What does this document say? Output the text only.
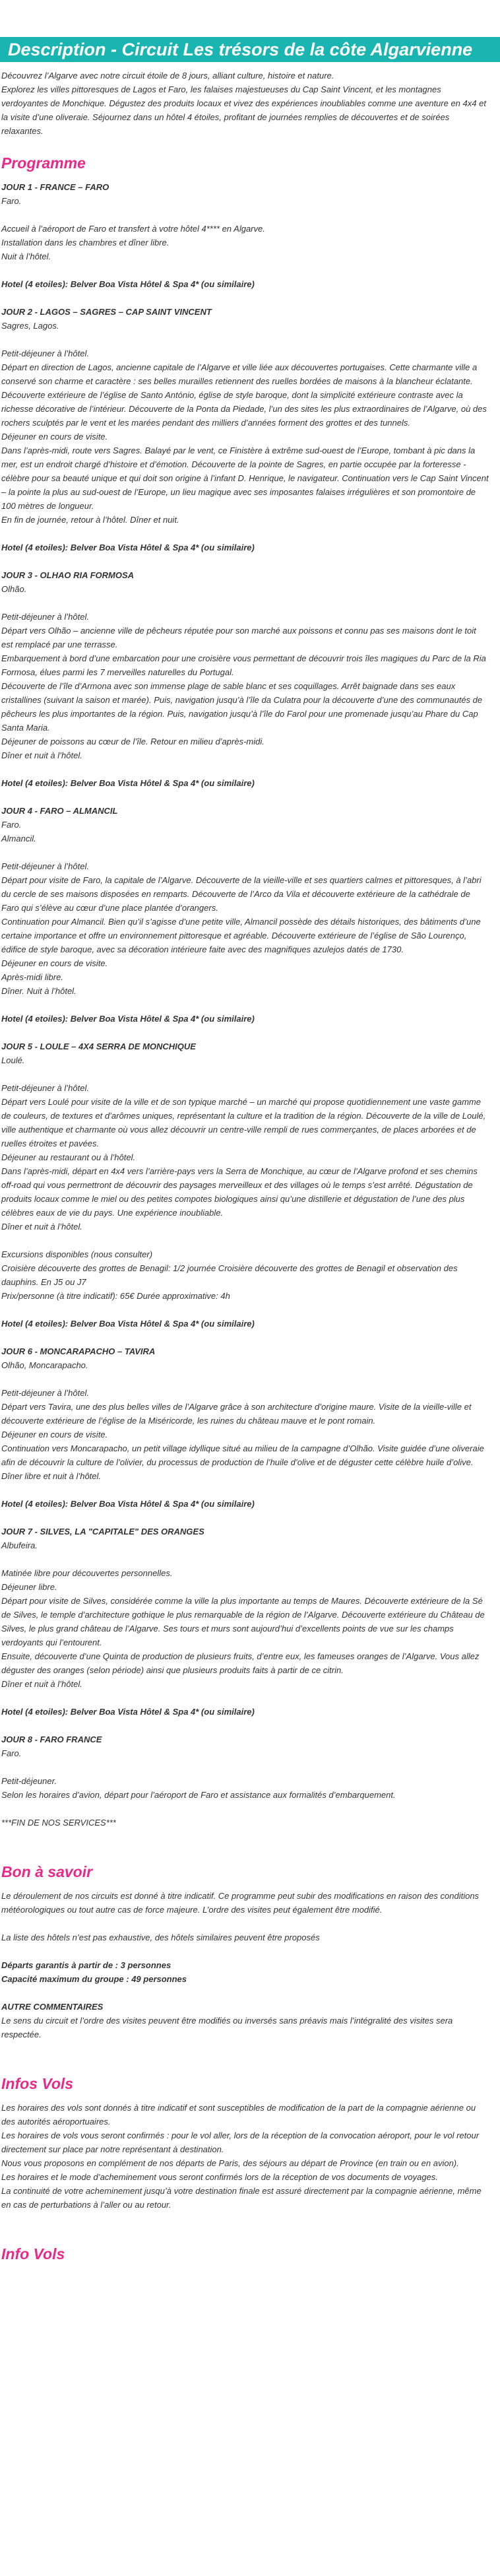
Description - Circuit Les trésors de la côte Algarvienne

Découvrez l’Algarve avec notre circuit étoile de 8 jours, alliant culture, histoire et nature.

Explorez les villes pittoresques de Lagos et Faro, les falaises majestueuses du Cap Saint Vincent, et les montagnes verdoyantes de Monchique. Dégustez des produits locaux et vivez des expériences inoubliables comme une aventure en 4x4 et la visite d’une oliveraie. Séjournez dans un hôtel 4 étoiles, profitant de journées remplies de découvertes et de soirées relaxantes.

Programme

JOUR 1 - FRANCE – FARO

Faro.

Accueil à l’aéroport de Faro et transfert à votre hôtel 4**** en Algarve.

Installation dans les chambres et dîner libre.

Nuit à l’hôtel.

Hotel (4 etoiles): Belver Boa Vista Hôtel & Spa 4* (ou similaire)

JOUR 2 - LAGOS – SAGRES – CAP SAINT VINCENT

Sagres, Lagos.

Petit-déjeuner à l’hôtel.

Départ en direction de Lagos, ancienne capitale de l’Algarve et ville liée aux découvertes portugaises. Cette charmante ville a conservé son charme et caractère : ses belles murailles retiennent des ruelles bordées de maisons à la blancheur éclatante. Découverte extérieure de l’église de Santo António, église de style baroque, dont la simplicité extérieure contraste avec la richesse décorative de l’intérieur. Découverte de la Ponta da Piedade, l’un des sites les plus extraordinaires de l’Algarve, où des rochers sculptés par le vent et les marées pendant des milliers d’années forment des grottes et des tunnels.

Déjeuner en cours de visite.

Dans l’après-midi, route vers Sagres. Balayé par le vent, ce Finistère à extrême sud-ouest de l’Europe, tombant à pic dans la mer, est un endroit chargé d’histoire et d’émotion. Découverte de la pointe de Sagres, en partie occupée par la forteresse - célèbre pour sa beauté unique et qui doit son origine à l’infant D. Henrique, le navigateur. Continuation vers le Cap Saint Vincent – la pointe la plus au sud-ouest de l’Europe, un lieu magique avec ses imposantes falaises irrégulières et son promontoire de 100 mètres de longueur.

En fin de journée, retour à l’hôtel. Dîner et nuit.

Hotel (4 etoiles): Belver Boa Vista Hôtel & Spa 4* (ou similaire)

JOUR 3 - OLHAO RIA FORMOSA

Olhão.

Petit-déjeuner à l’hôtel.

Départ vers Olhão – ancienne ville de pêcheurs réputée pour son marché aux poissons et connu pas ses maisons dont le toit est remplacé par une terrasse.

Embarquement à bord d’une embarcation pour une croisière vous permettant de découvrir trois îles magiques du Parc de la Ria Formosa, élues parmi les 7 merveilles naturelles du Portugal.

Découverte de l’île d’Armona avec son immense plage de sable blanc et ses coquillages. Arrêt baignade dans ses eaux cristallines (suivant la saison et marée). Puis, navigation jusqu’à l’île da Culatra pour la découverte d’une des communautés de pêcheurs les plus importantes de la région. Puis, navigation jusqu’à l’île do Farol pour une promenade jusqu’au Phare du Cap Santa Maria.

Déjeuner de poissons au cœur de l’île. Retour en milieu d’après-midi.

Dîner et nuit à l’hôtel.

Hotel (4 etoiles): Belver Boa Vista Hôtel & Spa 4* (ou similaire)

JOUR 4 - FARO – ALMANCIL

Faro.
Almancil.

Petit-déjeuner à l’hôtel.

Départ pour visite de Faro, la capitale de l’Algarve. Découverte de la vieille-ville et ses quartiers calmes et pittoresques, à l’abri du cercle de ses maisons disposées en remparts. Découverte de l’Arco da Vila et découverte extérieure de la cathédrale de Faro qui s’élève au cœur d’une place plantée d’orangers.

Continuation pour Almancil. Bien qu’il s’agisse d’une petite ville, Almancil possède des détails historiques, des bâtiments d’une certaine importance et offre un environnement pittoresque et agréable. Découverte extérieure de l’église de São Lourenço, édifice de style baroque, avec sa décoration intérieure faite avec des magnifiques azulejos datés de 1730.

Déjeuner en cours de visite.

Après-midi libre.

Dîner. Nuit à l’hôtel.

Hotel (4 etoiles): Belver Boa Vista Hôtel & Spa 4* (ou similaire)

JOUR 5 - LOULE – 4X4 SERRA DE MONCHIQUE

Loulé.

Petit-déjeuner à l’hôtel.

Départ vers Loulé pour visite de la ville et de son typique marché – un marché qui propose quotidiennement une vaste gamme de couleurs, de textures et d’arômes uniques, représentant la culture et la tradition de la région. Découverte de la ville de Loulé, ville authentique et charmante où vous allez découvrir un centre-ville rempli de rues commerçantes, de places arborées et de ruelles étroites et pavées.

Déjeuner au restaurant ou à l’hôtel.

Dans l’après-midi, départ en 4x4 vers l’arrière-pays vers la Serra de Monchique, au cœur de l’Algarve profond et ses chemins off-road qui vous permettront de découvrir des paysages merveilleux et des villages où le temps s’est arrêté. Dégustation de produits locaux comme le miel ou des petites compotes biologiques ainsi qu’une distillerie et dégustation de l’une des plus célèbres eaux de vie du pays. Une expérience inoubliable.

Dîner et nuit à l’hôtel.

Excursions disponibles (nous consulter)

Croisière découverte des grottes de Benagil: 1/2 journée Croisière découverte des grottes de Benagil et observation des dauphins. En J5 ou J7

Prix/personne (à titre indicatif): 65€ Durée approximative: 4h

Hotel (4 etoiles): Belver Boa Vista Hôtel & Spa 4* (ou similaire)

JOUR 6 - MONCARAPACHO – TAVIRA

Olhão, Moncarapacho.

Petit-déjeuner à l’hôtel.

Départ vers Tavira, une des plus belles villes de l’Algarve grâce à son architecture d’origine maure. Visite de la vieille-ville et découverte extérieure de l’église de la Miséricorde, les ruines du château mauve et le pont romain.

Déjeuner en cours de visite.

Continuation vers Moncarapacho, un petit village idyllique situé au milieu de la campagne d’Olhão. Visite guidée d’une oliveraie afin de découvrir la culture de l’olivier, du processus de production de l’huile d’olive et de déguster cette célèbre huile d’olive.

Dîner libre et nuit à l’hôtel.

Hotel (4 etoiles): Belver Boa Vista Hôtel & Spa 4* (ou similaire)

JOUR 7 - SILVES, LA "CAPITALE" DES ORANGES

Albufeira.

Matinée libre pour découvertes personnelles.

Déjeuner libre.

Départ pour visite de Silves, considérée comme la ville la plus importante au temps de Maures. Découverte extérieure de la Sé de Silves, le temple d’architecture gothique le plus remarquable de la région de l’Algarve. Découverte extérieure du Château de Silves, le plus grand château de l’Algarve. Ses tours et murs sont aujourd’hui d’excellents points de vue sur les champs verdoyants qui l’entourent.

Ensuite, découverte d’une Quinta de production de plusieurs fruits, d’entre eux, les fameuses oranges de l’Algarve. Vous allez déguster des oranges (selon période) ainsi que plusieurs produits faits à partir de ce citrin.

Dîner et nuit à l’hôtel.

Hotel (4 etoiles): Belver Boa Vista Hôtel & Spa 4* (ou similaire)

JOUR 8 - FARO FRANCE

Faro.

Petit-déjeuner.

Selon les horaires d’avion, départ pour l’aéroport de Faro et assistance aux formalités d’embarquement.

***FIN DE NOS SERVICES***

Bon à savoir

Le déroulement de nos circuits est donné à titre indicatif. Ce programme peut subir des modifications en raison des conditions météorologiques ou tout autre cas de force majeure. L’ordre des visites peut également être modifié.

La liste des hôtels n’est pas exhaustive, des hôtels similaires peuvent être proposés

Départs garantis à partir de : 3 personnes

Capacité maximum du groupe : 49 personnes

AUTRE COMMENTAIRES

Le sens du circuit et l’ordre des visites peuvent être modifiés ou inversés sans préavis mais l’intégralité des visites sera respectée.

Infos Vols

Les horaires des vols sont donnés à titre indicatif et sont susceptibles de modification de la part de la compagnie aérienne ou des autorités aéroportuaires.

Les horaires de vols vous seront confirmés : pour le vol aller, lors de la réception de la convocation aéroport, pour le vol retour directement sur place par notre représentant à destination.

Nous vous proposons en complément de nos départs de Paris, des séjours au départ de Province (en train ou en avion).

Les horaires et le mode d’acheminement vous seront confirmés lors de la réception de vos documents de voyages.

La continuité de votre acheminement jusqu’à votre destination finale est assuré directement par la compagnie aérienne, même en cas de perturbations à l’aller ou au retour.

Info Vols
